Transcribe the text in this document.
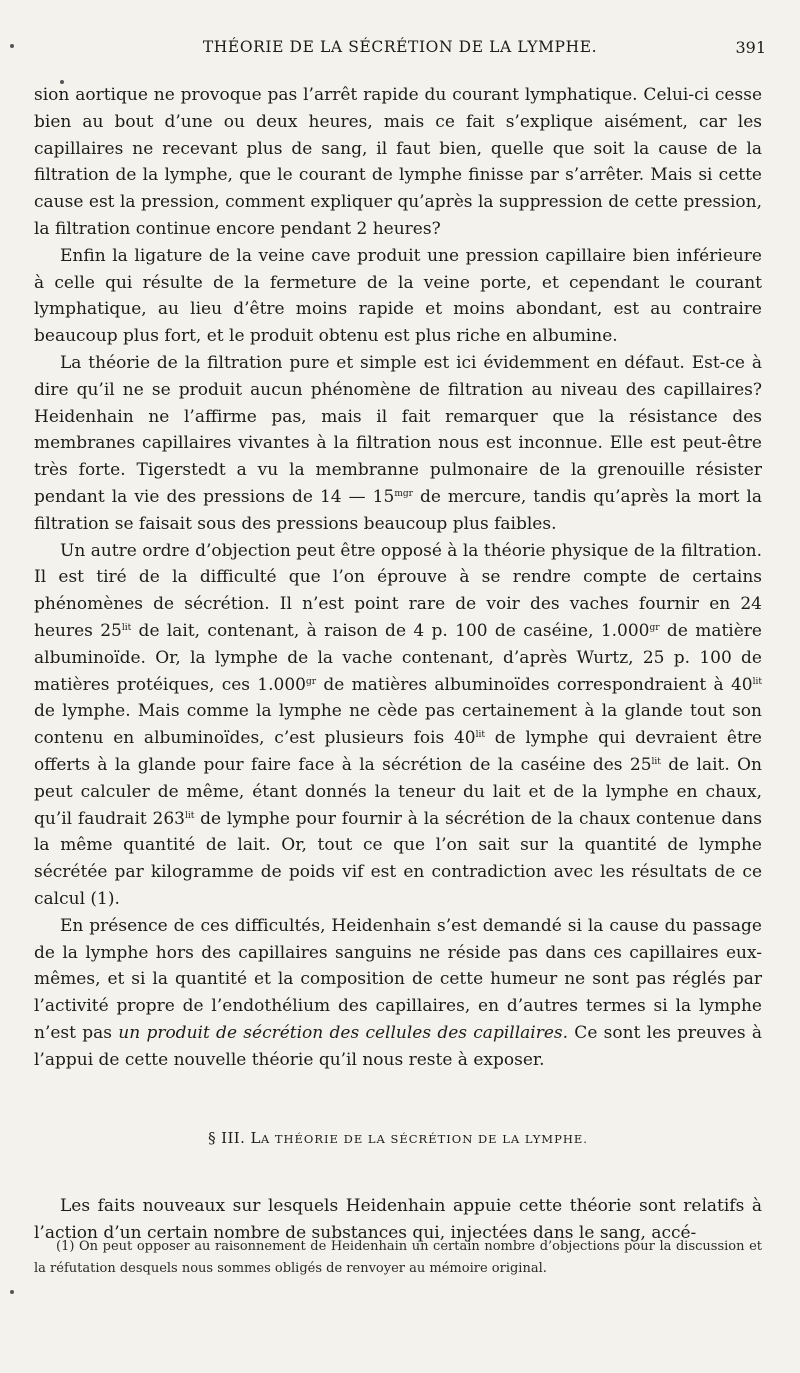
THÉORIE DE LA SÉCRÉTION DE LA LYMPHE.	391

sion aortique ne provoque pas l’arrêt rapide du courant lymphatique. Celui-ci cesse bien au bout d’une ou deux heures, mais ce fait s’explique aisément, car les capillaires ne recevant plus de sang, il faut bien, quelle que soit la cause de la filtration de la lymphe, que le courant de lymphe finisse par s’arrêter. Mais si cette cause est la pression, comment expliquer qu’après la suppression de cette pression, la filtration continue encore pendant 2 heures?

Enfin la ligature de la veine cave produit une pression capillaire bien inférieure à celle qui résulte de la fermeture de la veine porte, et cependant le courant lymphatique, au lieu d’être moins rapide et moins abondant, est au contraire beaucoup plus fort, et le produit obtenu est plus riche en albumine.

La théorie de la filtration pure et simple est ici évidemment en défaut. Est-ce à dire qu’il ne se produit aucun phénomène de filtration au niveau des capillaires? Heidenhain ne l’affirme pas, mais il fait remarquer que la résistance des membranes capillaires vivantes à la filtration nous est inconnue. Elle est peut-être très forte. Tigerstedt a vu la membranne pulmonaire de la grenouille résister pendant la vie des pressions de 14 — $15^{mgr}$ de mercure, tandis qu’après la mort la filtration se faisait sous des pressions beaucoup plus faibles.

Un autre ordre d’objection peut être opposé à la théorie physique de la filtration. Il est tiré de la difficulté que l’on éprouve à se rendre compte de certains phénomènes de sécrétion. Il n’est point rare de voir des vaches fournir en 24 heures $25^{lit}$ de lait, contenant, à raison de 4 p. 100 de caséine, $1.000^{gr}$ de matière albuminoïde. Or, la lymphe de la vache contenant, d’après Wurtz, 25 p. 100 de matières protéiques, ces $1.000^{gr}$ de matières albuminoïdes correspondraient à $40^{lit}$ de lymphe. Mais comme la lymphe ne cède pas certainement à la glande tout son contenu en albuminoïdes, c’est plusieurs fois $40^{lit}$ de lymphe qui devraient être offerts à la glande pour faire face à la sécrétion de la caséine des $25^{lit}$ de lait. On peut calculer de même, étant donnés la teneur du lait et de la lymphe en chaux, qu’il faudrait $263^{lit}$ de lymphe pour fournir à la sécrétion de la chaux contenue dans la même quantité de lait. Or, tout ce que l’on sait sur la quantité de lymphe sécrétée par kilogramme de poids vif est en contradiction avec les résultats de ce calcul (1).

En présence de ces difficultés, Heidenhain s’est demandé si la cause du passage de la lymphe hors des capillaires sanguins ne réside pas dans ces capillaires eux-mêmes, et si la quantité et la composition de cette humeur ne sont pas réglés par l’activité propre de l’endothélium des capillaires, en d’autres termes si la lymphe n’est pas un produit de sécrétion des cellules des capillaires. Ce sont les preuves à l’appui de cette nouvelle théorie qu’il nous reste à exposer.

§ III. LA THÉORIE DE LA SÉCRÉTION DE LA LYMPHE.

Les faits nouveaux sur lesquels Heidenhain appuie cette théorie sont relatifs à l’action d’un certain nombre de substances qui, injectées dans le sang, accé-

(1) On peut opposer au raisonnement de Heidenhain un certain nombre d’objections pour la discussion et la réfutation desquels nous sommes obligés de renvoyer au mémoire original.
